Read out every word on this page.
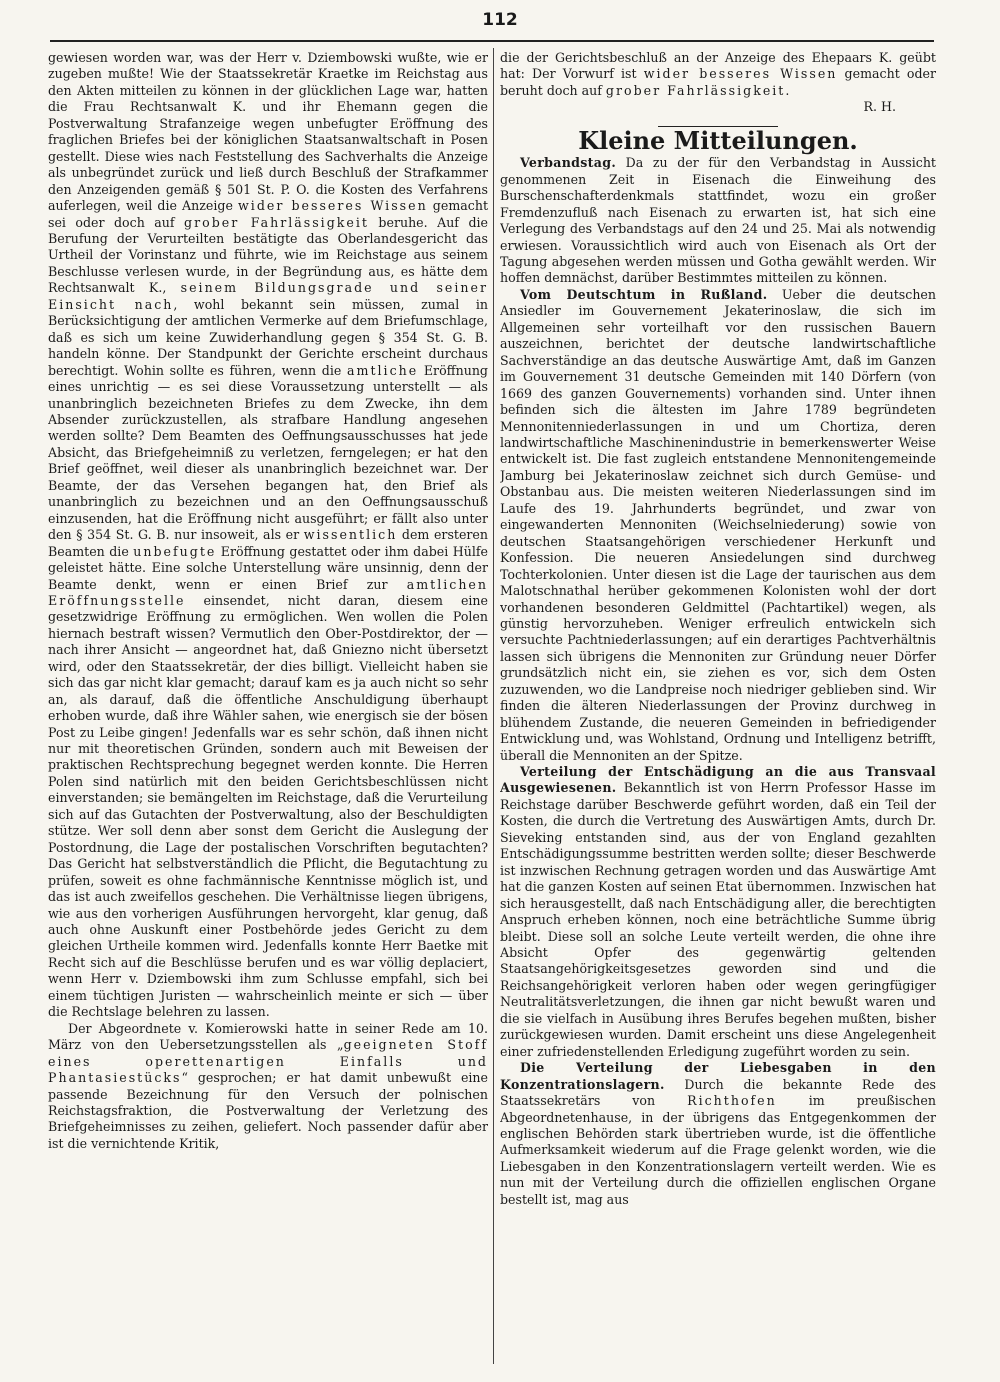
112

gewiesen worden war, was der Herr v. Dziembowski wußte, wie er zugeben mußte! Wie der Staatssekretär Kraetke im Reichstag aus den Akten mitteilen zu können in der glücklichen Lage war, hatten die Frau Rechtsanwalt K. und ihr Ehemann gegen die Postverwaltung Strafanzeige wegen unbefugter Eröffnung des fraglichen Briefes bei der königlichen Staatsanwaltschaft in Posen gestellt. Diese wies nach Feststellung des Sachverhalts die Anzeige als unbegründet zurück und ließ durch Beschluß der Strafkammer den Anzeigenden gemäß § 501 St. P. O. die Kosten des Verfahrens auferlegen, weil die Anzeige wider besseres Wissen gemacht sei oder doch auf grober Fahrlässigkeit beruhe. Auf die Berufung der Verurteilten bestätigte das Oberlandesgericht das Urtheil der Vorinstanz und führte, wie im Reichstage aus seinem Beschlusse verlesen wurde, in der Begründung aus, es hätte dem Rechtsanwalt K., seinem Bildungsgrade und seiner Einsicht nach, wohl bekannt sein müssen, zumal in Berücksichtigung der amtlichen Vermerke auf dem Briefumschlage, daß es sich um keine Zuwiderhandlung gegen § 354 St. G. B. handeln könne. Der Standpunkt der Gerichte erscheint durchaus berechtigt. Wohin sollte es führen, wenn die amtliche Eröffnung eines unrichtig — es sei diese Voraussetzung unterstellt — als unanbringlich bezeichneten Briefes zu dem Zwecke, ihn dem Absender zurückzustellen, als strafbare Handlung angesehen werden sollte? Dem Beamten des Oeffnungsausschusses hat jede Absicht, das Briefgeheimniß zu verletzen, ferngelegen; er hat den Brief geöffnet, weil dieser als unanbringlich bezeichnet war. Der Beamte, der das Versehen begangen hat, den Brief als unanbringlich zu bezeichnen und an den Oeffnungsausschuß einzusenden, hat die Eröffnung nicht ausgeführt; er fällt also unter den § 354 St. G. B. nur insoweit, als er wissentlich dem ersteren Beamten die unbefugte Eröffnung gestattet oder ihm dabei Hülfe geleistet hätte. Eine solche Unterstellung wäre unsinnig, denn der Beamte denkt, wenn er einen Brief zur amtlichen Eröffnungsstelle einsendet, nicht daran, diesem eine gesetzwidrige Eröffnung zu ermöglichen. Wen wollen die Polen hiernach bestraft wissen? Vermutlich den Ober-Postdirektor, der — nach ihrer Ansicht — angeordnet hat, daß Gniezno nicht übersetzt wird, oder den Staatssekretär, der dies billigt. Vielleicht haben sie sich das gar nicht klar gemacht; darauf kam es ja auch nicht so sehr an, als darauf, daß die öffentliche Anschuldigung überhaupt erhoben wurde, daß ihre Wähler sahen, wie energisch sie der bösen Post zu Leibe gingen! Jedenfalls war es sehr schön, daß ihnen nicht nur mit theoretischen Gründen, sondern auch mit Beweisen der praktischen Rechtsprechung begegnet werden konnte. Die Herren Polen sind natürlich mit den beiden Gerichtsbeschlüssen nicht einverstanden; sie bemängelten im Reichstage, daß die Verurteilung sich auf das Gutachten der Postverwaltung, also der Beschuldigten stütze. Wer soll denn aber sonst dem Gericht die Auslegung der Postordnung, die Lage der postalischen Vorschriften begutachten? Das Gericht hat selbstverständlich die Pflicht, die Begutachtung zu prüfen, soweit es ohne fachmännische Kenntnisse möglich ist, und das ist auch zweifellos geschehen. Die Verhältnisse liegen übrigens, wie aus den vorherigen Ausführungen hervorgeht, klar genug, daß auch ohne Auskunft einer Postbehörde jedes Gericht zu dem gleichen Urtheile kommen wird. Jedenfalls konnte Herr Baetke mit Recht sich auf die Beschlüsse berufen und es war völlig deplaciert, wenn Herr v. Dziembowski ihm zum Schlusse empfahl, sich bei einem tüchtigen Juristen — wahrscheinlich meinte er sich — über die Rechtslage belehren zu lassen.

Der Abgeordnete v. Komierowski hatte in seiner Rede am 10. März von den Uebersetzungsstellen als „geeigneten Stoff eines operettenartigen Einfalls und Phantasiestücks“ gesprochen; er hat damit unbewußt eine passende Bezeichnung für den Versuch der polnischen Reichstagsfraktion, die Postverwaltung der Verletzung des Briefgeheimnisses zu zeihen, geliefert. Noch passender dafür aber ist die vernichtende Kritik,

die der Gerichtsbeschluß an der Anzeige des Ehepaars K. geübt hat: Der Vorwurf ist wider besseres Wissen gemacht oder beruht doch auf grober Fahrlässigkeit.

R. H.

Kleine Mitteilungen.

Verbandstag. Da zu der für den Verbandstag in Aussicht genommenen Zeit in Eisenach die Einweihung des Burschenschafterdenkmals stattfindet, wozu ein großer Fremdenzufluß nach Eisenach zu erwarten ist, hat sich eine Verlegung des Verbandstags auf den 24 und 25. Mai als notwendig erwiesen. Voraussichtlich wird auch von Eisenach als Ort der Tagung abgesehen werden müssen und Gotha gewählt werden. Wir hoffen demnächst, darüber Bestimmtes mitteilen zu können.

Vom Deutschtum in Rußland. Ueber die deutschen Ansiedler im Gouvernement Jekaterinoslaw, die sich im Allgemeinen sehr vorteilhaft vor den russischen Bauern auszeichnen, berichtet der deutsche landwirtschaftliche Sachverständige an das deutsche Auswärtige Amt, daß im Ganzen im Gouvernement 31 deutsche Gemeinden mit 140 Dörfern (von 1669 des ganzen Gouvernements) vorhanden sind. Unter ihnen befinden sich die ältesten im Jahre 1789 begründeten Mennonitenniederlassungen in und um Chortiza, deren landwirtschaftliche Maschinenindustrie in bemerkenswerter Weise entwickelt ist. Die fast zugleich entstandene Mennonitengemeinde Jamburg bei Jekaterinoslaw zeichnet sich durch Gemüse- und Obstanbau aus. Die meisten weiteren Niederlassungen sind im Laufe des 19. Jahrhunderts begründet, und zwar von eingewanderten Mennoniten (Weichselniederung) sowie von deutschen Staatsangehörigen verschiedener Herkunft und Konfession. Die neueren Ansiedelungen sind durchweg Tochterkolonien. Unter diesen ist die Lage der taurischen aus dem Malotschnathal herüber gekommenen Kolonisten wohl der dort vorhandenen besonderen Geldmittel (Pachtartikel) wegen, als günstig hervorzuheben. Weniger erfreulich entwickeln sich versuchte Pachtniederlassungen; auf ein derartiges Pachtverhältnis lassen sich übrigens die Mennoniten zur Gründung neuer Dörfer grundsätzlich nicht ein, sie ziehen es vor, sich dem Osten zuzuwenden, wo die Landpreise noch niedriger geblieben sind. Wir finden die älteren Niederlassungen der Provinz durchweg in blühendem Zustande, die neueren Gemeinden in befriedigender Entwicklung und, was Wohlstand, Ordnung und Intelligenz betrifft, überall die Mennoniten an der Spitze.

Verteilung der Entschädigung an die aus Transvaal Ausgewiesenen. Bekanntlich ist von Herrn Professor Hasse im Reichstage darüber Beschwerde geführt worden, daß ein Teil der Kosten, die durch die Vertretung des Auswärtigen Amts, durch Dr. Sieveking entstanden sind, aus der von England gezahlten Entschädigungssumme bestritten werden sollte; dieser Beschwerde ist inzwischen Rechnung getragen worden und das Auswärtige Amt hat die ganzen Kosten auf seinen Etat übernommen. Inzwischen hat sich herausgestellt, daß nach Entschädigung aller, die berechtigten Anspruch erheben können, noch eine beträchtliche Summe übrig bleibt. Diese soll an solche Leute verteilt werden, die ohne ihre Absicht Opfer des gegenwärtig geltenden Staatsangehörigkeitsgesetzes geworden sind und die Reichsangehörigkeit verloren haben oder wegen geringfügiger Neutralitätsverletzungen, die ihnen gar nicht bewußt waren und die sie vielfach in Ausübung ihres Berufes begehen mußten, bisher zurückgewiesen wurden. Damit erscheint uns diese Angelegenheit einer zufriedenstellenden Erledigung zugeführt worden zu sein.

Die Verteilung der Liebesgaben in den Konzentrationslagern. Durch die bekannte Rede des Staatssekretärs von Richthofen im preußischen Abgeordnetenhause, in der übrigens das Entgegenkommen der englischen Behörden stark übertrieben wurde, ist die öffentliche Aufmerksamkeit wiederum auf die Frage gelenkt worden, wie die Liebesgaben in den Konzentrationslagern verteilt werden. Wie es nun mit der Verteilung durch die offiziellen englischen Organe bestellt ist, mag aus
